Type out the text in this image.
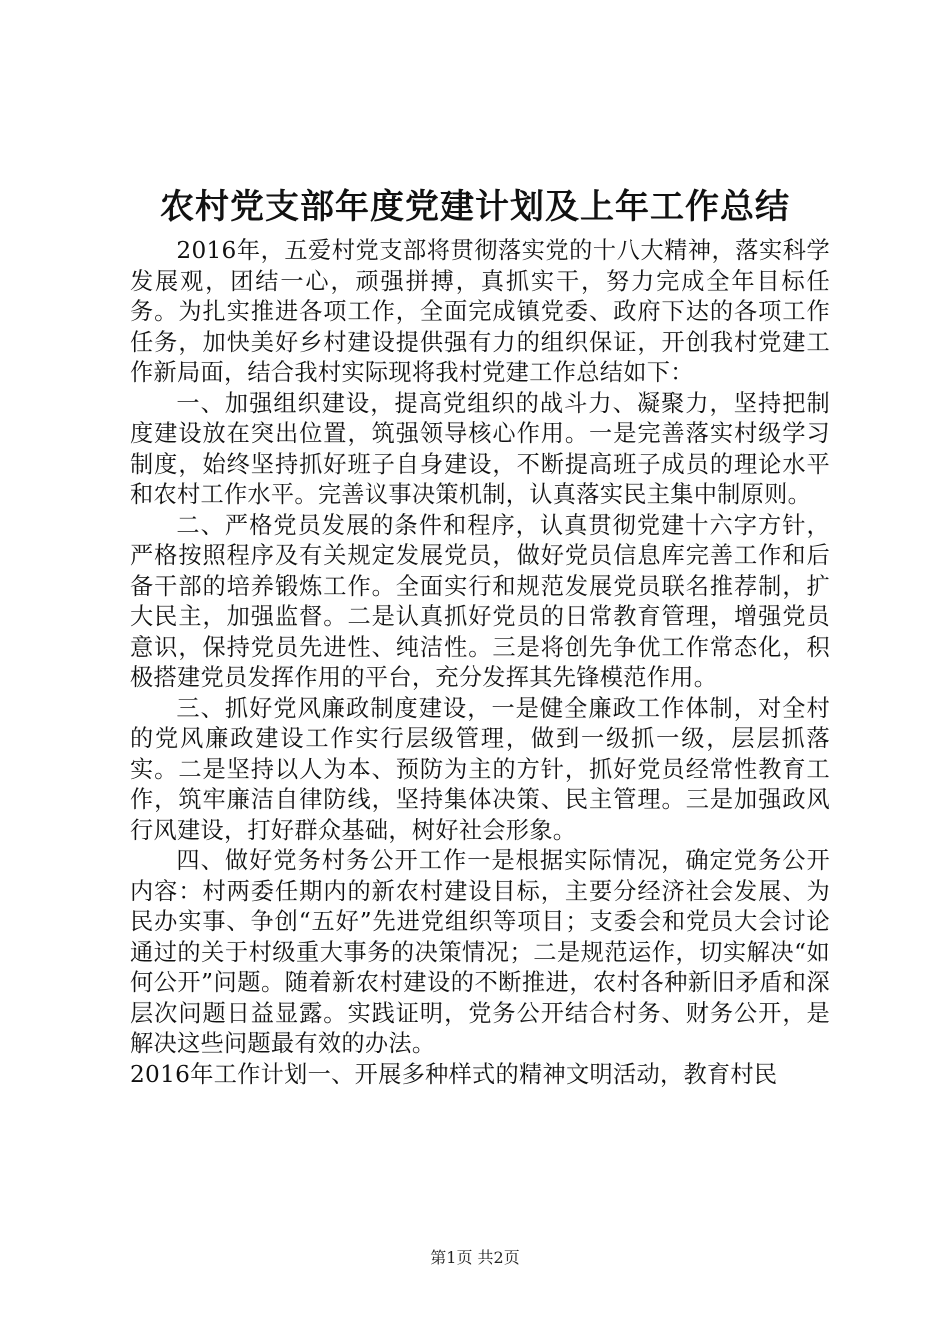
农村党支部年度党建计划及上年工作总结

2016年，五爱村党支部将贯彻落实党的十八大精神，落实科学发展观，团结一心，顽强拼搏，真抓实干，努力完成全年目标任务。为扎实推进各项工作，全面完成镇党委、政府下达的各项工作任务，加快美好乡村建设提供强有力的组织保证，开创我村党建工作新局面，结合我村实际现将我村党建工作总结如下：

一、加强组织建设，提高党组织的战斗力、凝聚力，坚持把制度建设放在突出位置，筑强领导核心作用。一是完善落实村级学习制度，始终坚持抓好班子自身建设，不断提高班子成员的理论水平和农村工作水平。完善议事决策机制，认真落实民主集中制原则。

二、严格党员发展的条件和程序，认真贯彻党建十六字方针，严格按照程序及有关规定发展党员，做好党员信息库完善工作和后备干部的培养锻炼工作。全面实行和规范发展党员联名推荐制，扩大民主，加强监督。二是认真抓好党员的日常教育管理，增强党员意识，保持党员先进性、纯洁性。三是将创先争优工作常态化，积极搭建党员发挥作用的平台，充分发挥其先锋模范作用。

三、抓好党风廉政制度建设，一是健全廉政工作体制，对全村的党风廉政建设工作实行层级管理，做到一级抓一级，层层抓落实。二是坚持以人为本、预防为主的方针，抓好党员经常性教育工作，筑牢廉洁自律防线，坚持集体决策、民主管理。三是加强政风行风建设，打好群众基础，树好社会形象。

四、做好党务村务公开工作一是根据实际情况，确定党务公开内容：村两委任期内的新农村建设目标，主要分经济社会发展、为民办实事、争创“五好”先进党组织等项目；支委会和党员大会讨论通过的关于村级重大事务的决策情况；二是规范运作，切实解决“如何公开”问题。随着新农村建设的不断推进，农村各种新旧矛盾和深层次问题日益显露。实践证明，党务公开结合村务、财务公开，是解决这些问题最有效的办法。

2016年工作计划一、开展多种样式的精神文明活动，教育村民

第1页 共2页
